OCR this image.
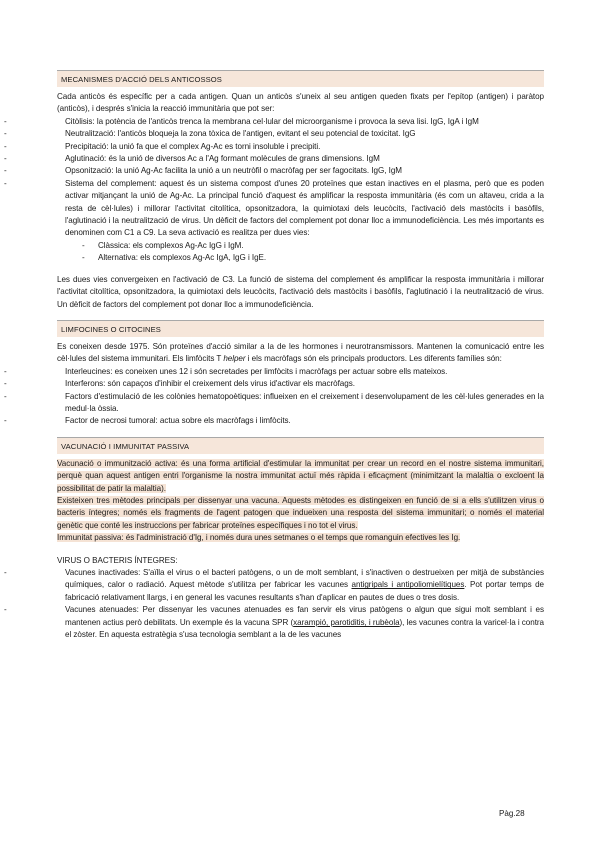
MECANISMES D'ACCIÓ DELS ANTICOSSOS
Cada anticòs és específic per a cada antigen. Quan un anticòs s'uneix al seu antigen queden fixats per l'epítop (antigen) i paràtop (anticòs), i després s'inicia la reacció immunitària que pot ser:
- Citòlisis: la potència de l'anticòs trenca la membrana cel·lular del microorganisme i provoca la seva lisi. IgG, IgA i IgM
- Neutralització: l'anticòs bloqueja la zona tòxica de l'antigen, evitant el seu potencial de toxicitat. IgG
- Precipitació: la unió fa que el complex Ag-Ac es torni insoluble i precipiti.
- Aglutinació: és la unió de diversos Ac a l'Ag formant molècules de grans dimensions. IgM
- Opsonització: la unió Ag-Ac facilita la unió a un neutròfil o macròfag per ser fagocitats. IgG, IgM
- Sistema del complement: aquest és un sistema compost d'unes 20 proteïnes que estan inactives en el plasma, però que es poden activar mitjançant la unió de Ag-Ac. La principal funció d'aquest és amplificar la resposta immunitària (és com un altaveu, crida a la resta de cèl·lules) i millorar l'activitat citolítica, opsonitzadora, la quimiotaxi dels leucòcits, l'activació dels mastòcits i basòfils, l'aglutinació i la neutralització de virus. Un dèficit de factors del complement pot donar lloc a immunodeficiència. Les més importants es denominen com C1 a C9. La seva activació es realitza per dues vies:
- Clàssica: els complexos Ag-Ac IgG i IgM.
- Alternativa: els complexos Ag-Ac IgA, IgG i IgE.
Les dues vies convergeixen en l'activació de C3. La funció de sistema del complement és amplificar la resposta immunitària i millorar l'activitat citolítica, opsonitzadora, la quimiotaxi dels leucòcits, l'activació dels mastòcits i basòfils, l'aglutinació i la neutralització de virus. Un dèficit de factors del complement pot donar lloc a immunodeficiència.
LIMFOCINES O CITOCINES
Es coneixen desde 1975. Són proteïnes d'acció similar a la de les hormones i neurotransmissors. Mantenen la comunicació entre les cèl·lules del sistema immunitari. Els limfòcits T helper i els macròfags són els principals productors. Les diferents famílies són:
- Interleucines: es coneixen unes 12 i són secretades per limfòcits i macròfags per actuar sobre ells mateixos.
- Interferons: són capaços d'inhibir el creixement dels virus id'activar els macròfags.
- Factors d'estimulació de les colònies hematopoètiques: influeixen en el creixement i desenvolupament de les cèl·lules generades en la medul·la òssia.
- Factor de necrosi tumoral: actua sobre els macròfags i limfòcits.
VACUNACIÓ I IMMUNITAT PASSIVA
Vacunació o immunització activa: és una forma artificial d'estimular la immunitat per crear un record en el nostre sistema immunitari, perquè quan aquest antigen entri l'organisme la nostra immunitat actuï més ràpida i eficaçment (minimitzant la malaltia o excloent la possibilitat de patir la malaltia).
Existeixen tres mètodes principals per dissenyar una vacuna. Aquests mètodes es distingeixen en funció de si a ells s'utilitzen virus o bacteris íntegres; només els fragments de l'agent patogen que indueixen una resposta del sistema immunitari; o només el material genètic que conté les instruccions per fabricar proteïnes específiques i no tot el virus.
Immunitat passiva: és l'administració d'Ig, i només dura unes setmanes o el temps que romanguin efectives les Ig.
VIRUS O BACTERIS ÍNTEGRES:
- Vacunes inactivades: S'aïlla el virus o el bacteri patògens, o un de molt semblant, i s'inactiven o destrueixen per mitjà de substàncies químiques, calor o radiació. Aquest mètode s'utilitza per fabricar les vacunes antigripals i antipoliomielítiques. Pot portar temps de fabricació relativament llargs, i en general les vacunes resultants s'han d'aplicar en pautes de dues o tres dosis.
- Vacunes atenuades: Per dissenyar les vacunes atenuades es fan servir els virus patògens o algun que sigui molt semblant i es mantenen actius però debilitats. Un exemple és la vacuna SPR (xarampió, parotiditis, i rubèola), les vacunes contra la varicel·la i contra el zòster. En aquesta estratègia s'usa tecnologia semblant a la de les vacunes
Pàg.28
